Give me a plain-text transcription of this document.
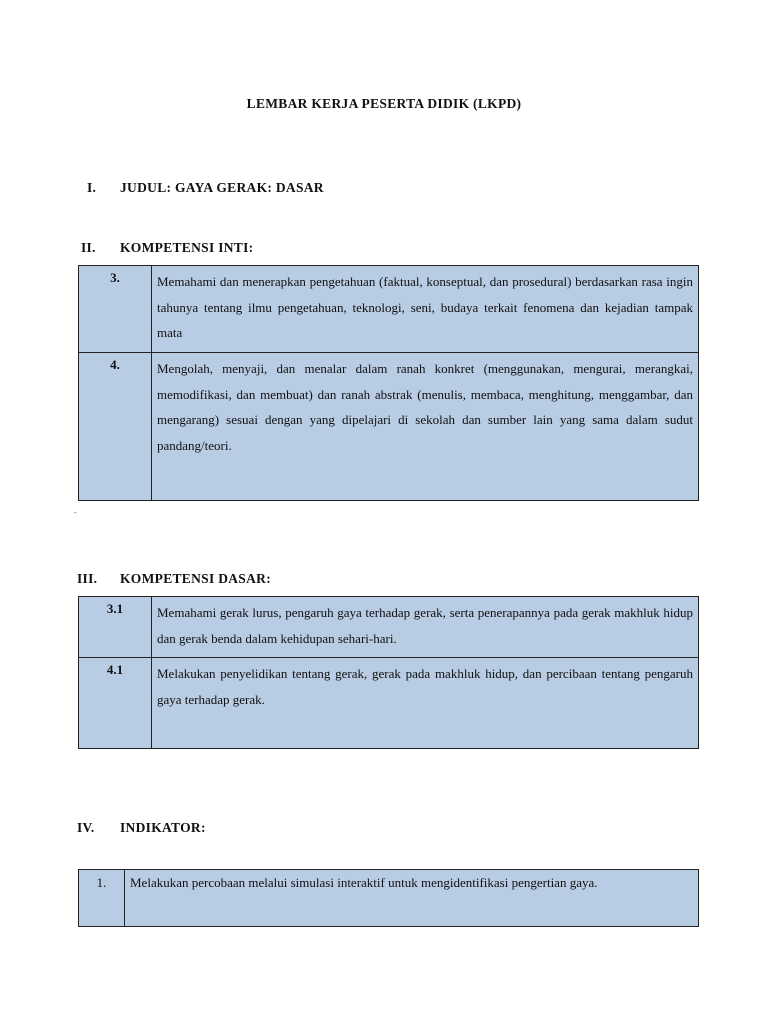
LEMBAR KERJA PESERTA DIDIK (LKPD)
I. JUDUL: GAYA GERAK: DASAR
II. KOMPETENSI INTI:
3.	Memahami dan menerapkan pengetahuan (faktual, konseptual, dan prosedural) berdasarkan rasa ingin tahunya tentang ilmu pengetahuan, teknologi, seni, budaya terkait fenomena dan kejadian tampak mata
4.	Mengolah, menyaji, dan menalar dalam ranah konkret (menggunakan, mengurai, merangkai, memodifikasi, dan membuat) dan ranah abstrak (menulis, membaca, menghitung, menggambar, dan mengarang) sesuai dengan yang dipelajari di sekolah dan sumber lain yang sama dalam sudut pandang/teori.
-
III. KOMPETENSI DASAR:
3.1	Memahami gerak lurus, pengaruh gaya terhadap gerak, serta penerapannya pada gerak makhluk hidup dan gerak benda dalam kehidupan sehari-hari.
4.1	Melakukan penyelidikan tentang gerak, gerak pada makhluk hidup, dan percibaan tentang pengaruh gaya terhadap gerak.
IV. INDIKATOR:
1.	Melakukan percobaan melalui simulasi interaktif untuk mengidentifikasi pengertian gaya.
